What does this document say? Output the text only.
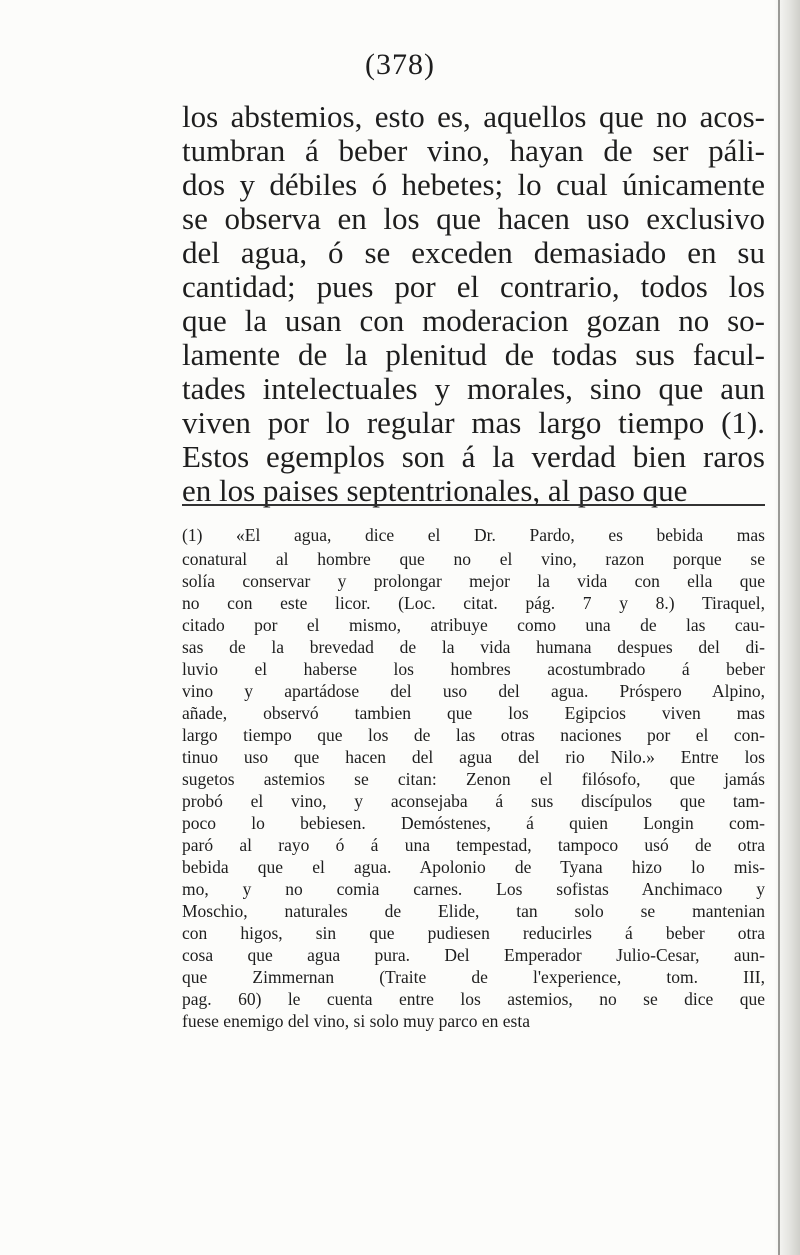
(378)
los abstemios, esto es, aquellos que no acos-
tumbran á beber vino, hayan de ser páli-
dos y débiles ó hebetes; lo cual únicamente
se observa en los que hacen uso exclusivo
del agua, ó se exceden demasiado en su
cantidad; pues por el contrario, todos los
que la usan con moderacion gozan no so-
lamente de la plenitud de todas sus facul-
tades intelectuales y morales, sino que aun
viven por lo regular mas largo tiempo (1).
Estos egemplos son á la verdad bien raros
en los paises septentrionales, al paso que
(1) «El agua, dice el Dr. Pardo, es bebida mas
conatural al hombre que no el vino, razon porque se
solía conservar y prolongar mejor la vida con ella que
no con este licor. (Loc. citat. pág. 7 y 8.) Tiraquel,
citado por el mismo, atribuye como una de las cau-
sas de la brevedad de la vida humana despues del di-
luvio el haberse los hombres acostumbrado á beber
vino y apartádose del uso del agua. Próspero Alpino,
añade, observó tambien que los Egipcios viven mas
largo tiempo que los de las otras naciones por el con-
tinuo uso que hacen del agua del rio Nilo.» Entre los
sugetos astemios se citan: Zenon el filósofo, que jamás
probó el vino, y aconsejaba á sus discípulos que tam-
poco lo bebiesen. Demóstenes, á quien Longin com-
paró al rayo ó á una tempestad, tampoco usó de otra
bebida que el agua. Apolonio de Tyana hizo lo mis-
mo, y no comia carnes. Los sofistas Anchimaco y
Moschio, naturales de Elide, tan solo se mantenian
con higos, sin que pudiesen reducirles á beber otra
cosa que agua pura. Del Emperador Julio-Cesar, aun-
que Zimmernan (Traite de l'experience, tom. III,
pag. 60) le cuenta entre los astemios, no se dice que
fuese enemigo del vino, si solo muy parco en esta
